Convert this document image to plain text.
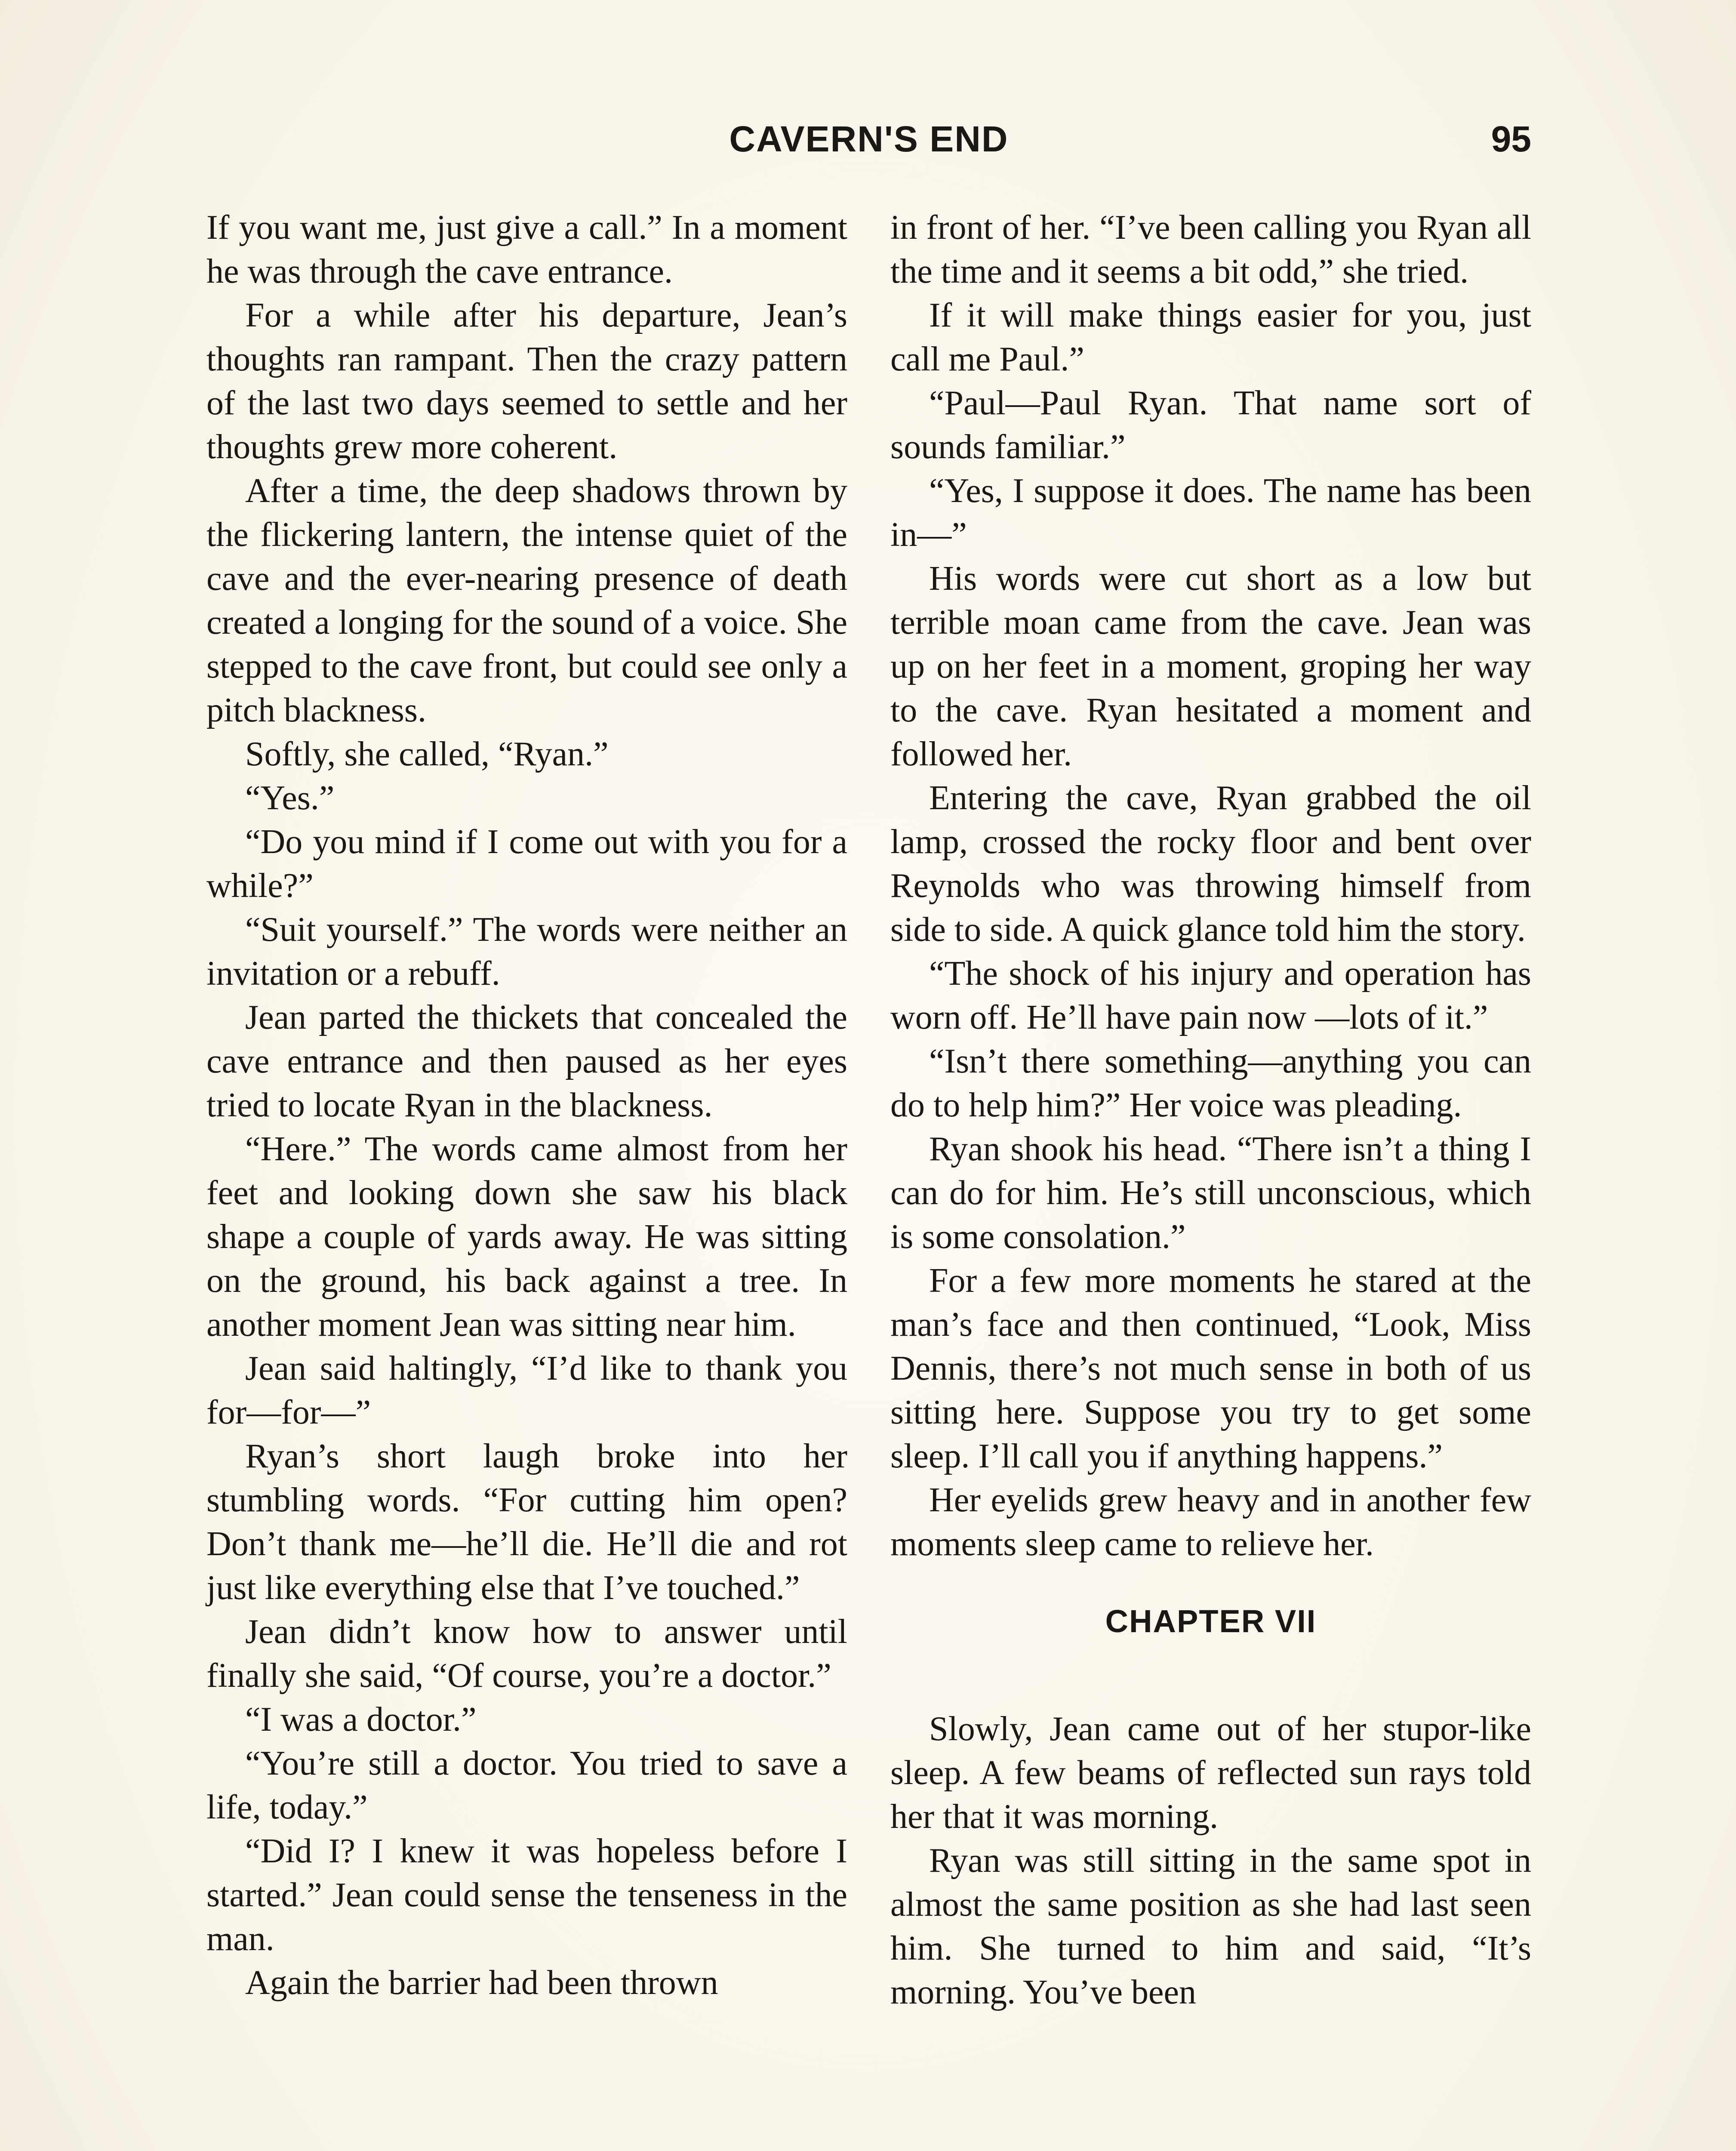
CAVERN'S END	95

If you want me, just give a call.” In a moment he was through the cave entrance.

For a while after his departure, Jean’s thoughts ran rampant. Then the crazy pattern of the last two days seemed to settle and her thoughts grew more coherent.

After a time, the deep shadows thrown by the flickering lantern, the intense quiet of the cave and the ever-nearing presence of death created a longing for the sound of a voice. She stepped to the cave front, but could see only a pitch blackness.

Softly, she called, “Ryan.”

“Yes.”

“Do you mind if I come out with you for a while?”

“Suit yourself.” The words were neither an invitation or a rebuff.

Jean parted the thickets that concealed the cave entrance and then paused as her eyes tried to locate Ryan in the blackness.

“Here.” The words came almost from her feet and looking down she saw his black shape a couple of yards away. He was sitting on the ground, his back against a tree. In another moment Jean was sitting near him.

Jean said haltingly, “I’d like to thank you for—for—”

Ryan’s short laugh broke into her stumbling words. “For cutting him open? Don’t thank me—he’ll die. He’ll die and rot just like everything else that I’ve touched.”

Jean didn’t know how to answer until finally she said, “Of course, you’re a doctor.”

“I was a doctor.”

“You’re still a doctor. You tried to save a life, today.”

“Did I? I knew it was hopeless before I started.” Jean could sense the tenseness in the man.

Again the barrier had been thrown

in front of her. “I’ve been calling you Ryan all the time and it seems a bit odd,” she tried.

If it will make things easier for you, just call me Paul.”

“Paul—Paul Ryan. That name sort of sounds familiar.”

“Yes, I suppose it does. The name has been in—”

His words were cut short as a low but terrible moan came from the cave. Jean was up on her feet in a moment, groping her way to the cave. Ryan hesitated a moment and followed her.

Entering the cave, Ryan grabbed the oil lamp, crossed the rocky floor and bent over Reynolds who was throwing himself from side to side. A quick glance told him the story.

“The shock of his injury and operation has worn off. He’ll have pain now —lots of it.”

“Isn’t there something—anything you can do to help him?” Her voice was pleading.

Ryan shook his head. “There isn’t a thing I can do for him. He’s still unconscious, which is some consolation.”

For a few more moments he stared at the man’s face and then continued, “Look, Miss Dennis, there’s not much sense in both of us sitting here. Suppose you try to get some sleep. I’ll call you if anything happens.”

Her eyelids grew heavy and in another few moments sleep came to relieve her.

CHAPTER VII

Slowly, Jean came out of her stupor-like sleep. A few beams of reflected sun rays told her that it was morning.

Ryan was still sitting in the same spot in almost the same position as she had last seen him. She turned to him and said, “It’s morning. You’ve been
